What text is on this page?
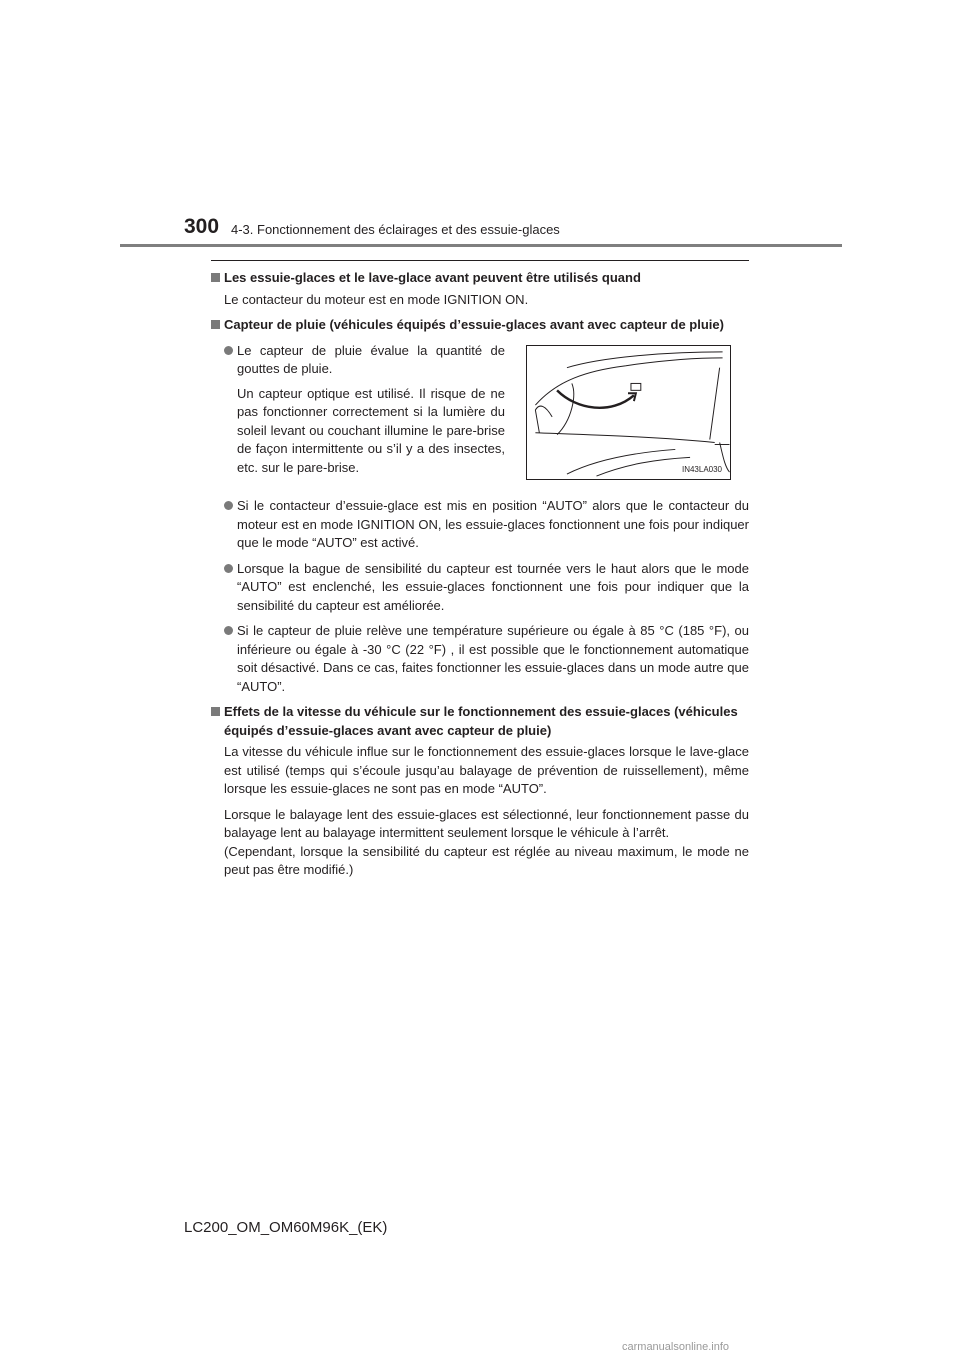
300 4-3. Fonctionnement des éclairages et des essuie-glaces

Les essuie-glaces et le lave-glace avant peuvent être utilisés quand

Le contacteur du moteur est en mode IGNITION ON.

Capteur de pluie (véhicules équipés d’essuie-glaces avant avec capteur de pluie)

Le capteur de pluie évalue la quantité de gouttes de pluie.

Un capteur optique est utilisé. Il risque de ne pas fonctionner correctement si la lumière du soleil levant ou couchant illumine le pare-brise de façon intermittente ou s’il y a des insectes, etc. sur le pare-brise.	IN43LA030

Si le contacteur d’essuie-glace est mis en position “AUTO” alors que le contacteur du moteur est en mode IGNITION ON, les essuie-glaces fonctionnent une fois pour indiquer que le mode “AUTO” est activé.

Lorsque la bague de sensibilité du capteur est tournée vers le haut alors que le mode “AUTO” est enclenché, les essuie-glaces fonctionnent une fois pour indiquer que la sensibilité du capteur est améliorée.

Si le capteur de pluie relève une température supérieure ou égale à 85 °C (185 °F), ou inférieure ou égale à -30 °C (22 °F) , il est possible que le fonctionnement automatique soit désactivé. Dans ce cas, faites fonctionner les essuie-glaces dans un mode autre que “AUTO”.

Effets de la vitesse du véhicule sur le fonctionnement des essuie-glaces (véhicules équipés d’essuie-glaces avant avec capteur de pluie)

La vitesse du véhicule influe sur le fonctionnement des essuie-glaces lorsque le lave-glace est utilisé (temps qui s’écoule jusqu’au balayage de prévention de ruissellement), même lorsque les essuie-glaces ne sont pas en mode “AUTO”.

Lorsque le balayage lent des essuie-glaces est sélectionné, leur fonctionnement passe du balayage lent au balayage intermittent seulement lorsque le véhicule à l’arrêt.

(Cependant, lorsque la sensibilité du capteur est réglée au niveau maximum, le mode ne peut pas être modifié.)

LC200_OM_OM60M96K_(EK)
carmanualsonline.info
